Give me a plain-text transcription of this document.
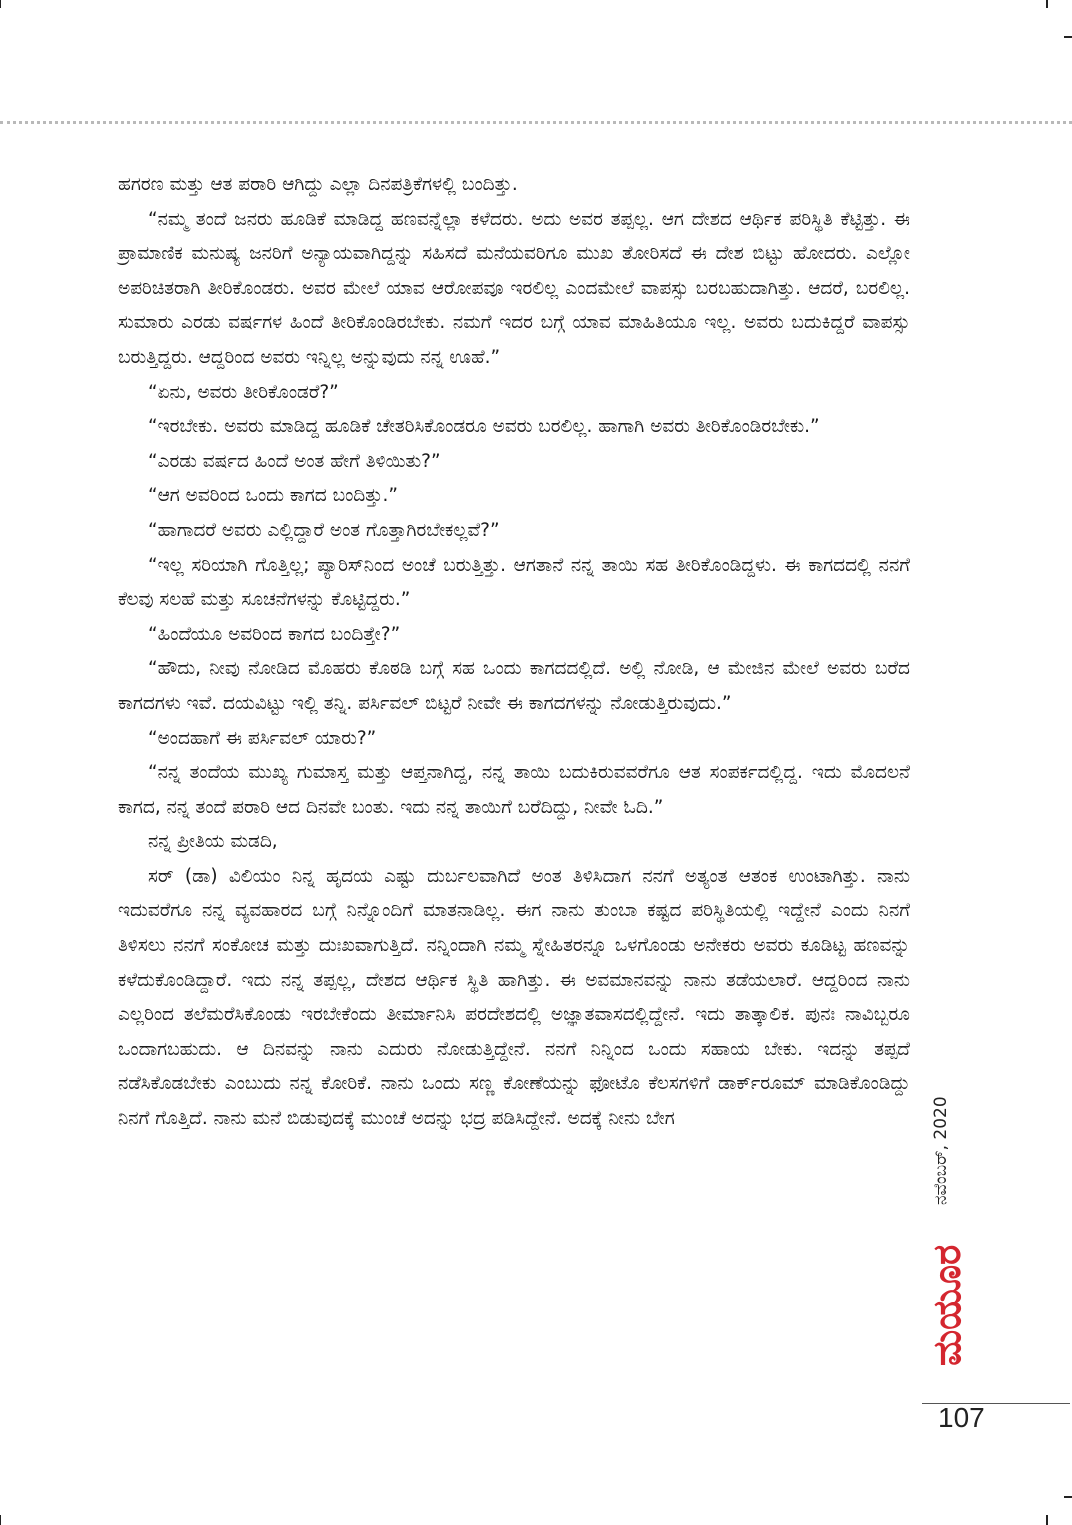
ಹಗರಣ ಮತ್ತು ಆತ ಪರಾರಿ ಆಗಿದ್ದು ಎಲ್ಲಾ ದಿನಪತ್ರಿಕೆಗಳಲ್ಲಿ ಬಂದಿತ್ತು.

“ನಮ್ಮ ತಂದೆ ಜನರು ಹೂಡಿಕೆ ಮಾಡಿದ್ದ ಹಣವನ್ನೆಲ್ಲಾ ಕಳೆದರು. ಅದು ಅವರ ತಪ್ಪಲ್ಲ. ಆಗ ದೇಶದ ಆರ್ಥಿಕ ಪರಿಸ್ಥಿತಿ ಕೆಟ್ಟಿತ್ತು. ಈ ಪ್ರಾಮಾಣಿಕ ಮನುಷ್ಯ ಜನರಿಗೆ ಅನ್ಯಾಯವಾಗಿದ್ದನ್ನು ಸಹಿಸದೆ ಮನೆಯವರಿಗೂ ಮುಖ ತೋರಿಸದೆ ಈ ದೇಶ ಬಿಟ್ಟು ಹೋದರು. ಎಲ್ಲೋ ಅಪರಿಚಿತರಾಗಿ ತೀರಿಕೊಂಡರು. ಅವರ ಮೇಲೆ ಯಾವ ಆರೋಪವೂ ಇರಲಿಲ್ಲ ಎಂದಮೇಲೆ ವಾಪಸ್ಸು ಬರಬಹುದಾಗಿತ್ತು. ಆದರೆ, ಬರಲಿಲ್ಲ. ಸುಮಾರು ಎರಡು ವರ್ಷಗಳ ಹಿಂದೆ ತೀರಿಕೊಂಡಿರಬೇಕು. ನಮಗೆ ಇದರ ಬಗ್ಗೆ ಯಾವ ಮಾಹಿತಿಯೂ ಇಲ್ಲ. ಅವರು ಬದುಕಿದ್ದರೆ ವಾಪಸ್ಸು ಬರುತ್ತಿದ್ದರು. ಆದ್ದರಿಂದ ಅವರು ಇನ್ನಿಲ್ಲ ಅನ್ನುವುದು ನನ್ನ ಊಹೆ.”

“ಏನು, ಅವರು ತೀರಿಕೊಂಡರೆ?”

“ಇರಬೇಕು. ಅವರು ಮಾಡಿದ್ದ ಹೂಡಿಕೆ ಚೇತರಿಸಿಕೊಂಡರೂ ಅವರು ಬರಲಿಲ್ಲ. ಹಾಗಾಗಿ ಅವರು ತೀರಿಕೊಂಡಿರಬೇಕು.”

“ಎರಡು ವರ್ಷದ ಹಿಂದೆ ಅಂತ ಹೇಗೆ ತಿಳಿಯಿತು?”

“ಆಗ ಅವರಿಂದ ಒಂದು ಕಾಗದ ಬಂದಿತ್ತು.”

“ಹಾಗಾದರೆ ಅವರು ಎಲ್ಲಿದ್ದಾರೆ ಅಂತ ಗೊತ್ತಾಗಿರಬೇಕಲ್ಲವೆ?”

“ಇಲ್ಲ ಸರಿಯಾಗಿ ಗೊತ್ತಿಲ್ಲ; ಪ್ಯಾರಿಸ್‌ನಿಂದ ಅಂಚೆ ಬರುತ್ತಿತ್ತು. ಆಗತಾನೆ ನನ್ನ ತಾಯಿ ಸಹ ತೀರಿಕೊಂಡಿದ್ದಳು. ಈ ಕಾಗದದಲ್ಲಿ ನನಗೆ ಕೆಲವು ಸಲಹೆ ಮತ್ತು ಸೂಚನೆಗಳನ್ನು ಕೊಟ್ಟಿದ್ದರು.”

“ಹಿಂದೆಯೂ ಅವರಿಂದ ಕಾಗದ ಬಂದಿತ್ತೇ?”

“ಹೌದು, ನೀವು ನೋಡಿದ ಮೊಹರು ಕೊಠಡಿ ಬಗ್ಗೆ ಸಹ ಒಂದು ಕಾಗದದಲ್ಲಿದೆ. ಅಲ್ಲಿ ನೋಡಿ, ಆ ಮೇಜಿನ ಮೇಲೆ ಅವರು ಬರೆದ ಕಾಗದಗಳು ಇವೆ. ದಯವಿಟ್ಟು ಇಲ್ಲಿ ತನ್ನಿ. ಪರ್ಸಿವಲ್ ಬಿಟ್ಟರೆ ನೀವೇ ಈ ಕಾಗದಗಳನ್ನು ನೋಡುತ್ತಿರುವುದು.”

“ಅಂದಹಾಗೆ ಈ ಪರ್ಸಿವಲ್ ಯಾರು?”

“ನನ್ನ ತಂದೆಯ ಮುಖ್ಯ ಗುಮಾಸ್ತ ಮತ್ತು ಆಪ್ತನಾಗಿದ್ದ, ನನ್ನ ತಾಯಿ ಬದುಕಿರುವವರೆಗೂ ಆತ ಸಂಪರ್ಕದಲ್ಲಿದ್ದ. ಇದು ಮೊದಲನೆ ಕಾಗದ, ನನ್ನ ತಂದೆ ಪರಾರಿ ಆದ ದಿನವೇ ಬಂತು. ಇದು ನನ್ನ ತಾಯಿಗೆ ಬರೆದಿದ್ದು, ನೀವೇ ಓದಿ.”

ನನ್ನ ಪ್ರೀತಿಯ ಮಡದಿ,

ಸರ್ (ಡಾ) ವಿಲಿಯಂ ನಿನ್ನ ಹೃದಯ ಎಷ್ಟು ದುರ್ಬಲವಾಗಿದೆ ಅಂತ ತಿಳಿಸಿದಾಗ ನನಗೆ ಅತ್ಯಂತ ಆತಂಕ ಉಂಟಾಗಿತ್ತು. ನಾನು ಇದುವರೆಗೂ ನನ್ನ ವ್ಯವಹಾರದ ಬಗ್ಗೆ ನಿನ್ನೊಂದಿಗೆ ಮಾತನಾಡಿಲ್ಲ. ಈಗ ನಾನು ತುಂಬಾ ಕಷ್ಟದ ಪರಿಸ್ಥಿತಿಯಲ್ಲಿ ಇದ್ದೇನೆ ಎಂದು ನಿನಗೆ ತಿಳಿಸಲು ನನಗೆ ಸಂಕೋಚ ಮತ್ತು ದುಃಖವಾಗುತ್ತಿದೆ. ನನ್ನಿಂದಾಗಿ ನಮ್ಮ ಸ್ನೇಹಿತರನ್ನೂ ಒಳಗೊಂಡು ಅನೇಕರು ಅವರು ಕೂಡಿಟ್ಟ ಹಣವನ್ನು ಕಳೆದುಕೊಂಡಿದ್ದಾರೆ. ಇದು ನನ್ನ ತಪ್ಪಲ್ಲ, ದೇಶದ ಆರ್ಥಿಕ ಸ್ಥಿತಿ ಹಾಗಿತ್ತು. ಈ ಅವಮಾನವನ್ನು ನಾನು ತಡೆಯಲಾರೆ. ಆದ್ದರಿಂದ ನಾನು ಎಲ್ಲರಿಂದ ತಲೆಮರೆಸಿಕೊಂಡು ಇರಬೇಕೆಂದು ತೀರ್ಮಾನಿಸಿ ಪರದೇಶದಲ್ಲಿ ಅಜ್ಞಾತವಾಸದಲ್ಲಿದ್ದೇನೆ. ಇದು ತಾತ್ಕಾಲಿಕ. ಪುನಃ ನಾವಿಬ್ಬರೂ ಒಂದಾಗಬಹುದು. ಆ ದಿನವನ್ನು ನಾನು ಎದುರು ನೋಡುತ್ತಿದ್ದೇನೆ. ನನಗೆ ನಿನ್ನಿಂದ ಒಂದು ಸಹಾಯ ಬೇಕು. ಇದನ್ನು ತಪ್ಪದೆ ನಡೆಸಿಕೊಡಬೇಕು ಎಂಬುದು ನನ್ನ ಕೋರಿಕೆ. ನಾನು ಒಂದು ಸಣ್ಣ ಕೋಣೆಯನ್ನು ಫೋಟೊ ಕೆಲಸಗಳಿಗೆ ಡಾರ್ಕ್‌ರೂಮ್ ಮಾಡಿಕೊಂಡಿದ್ದು ನಿನಗೆ ಗೊತ್ತಿದೆ. ನಾನು ಮನೆ ಬಿಡುವುದಕ್ಕೆ ಮುಂಚೆ ಅದನ್ನು ಭದ್ರ ಪಡಿಸಿದ್ದೇನೆ. ಅದಕ್ಕೆ ನೀನು ಬೇಗ	ನವೆಂಬರ್, 2020
ಮಯೂರ
107
